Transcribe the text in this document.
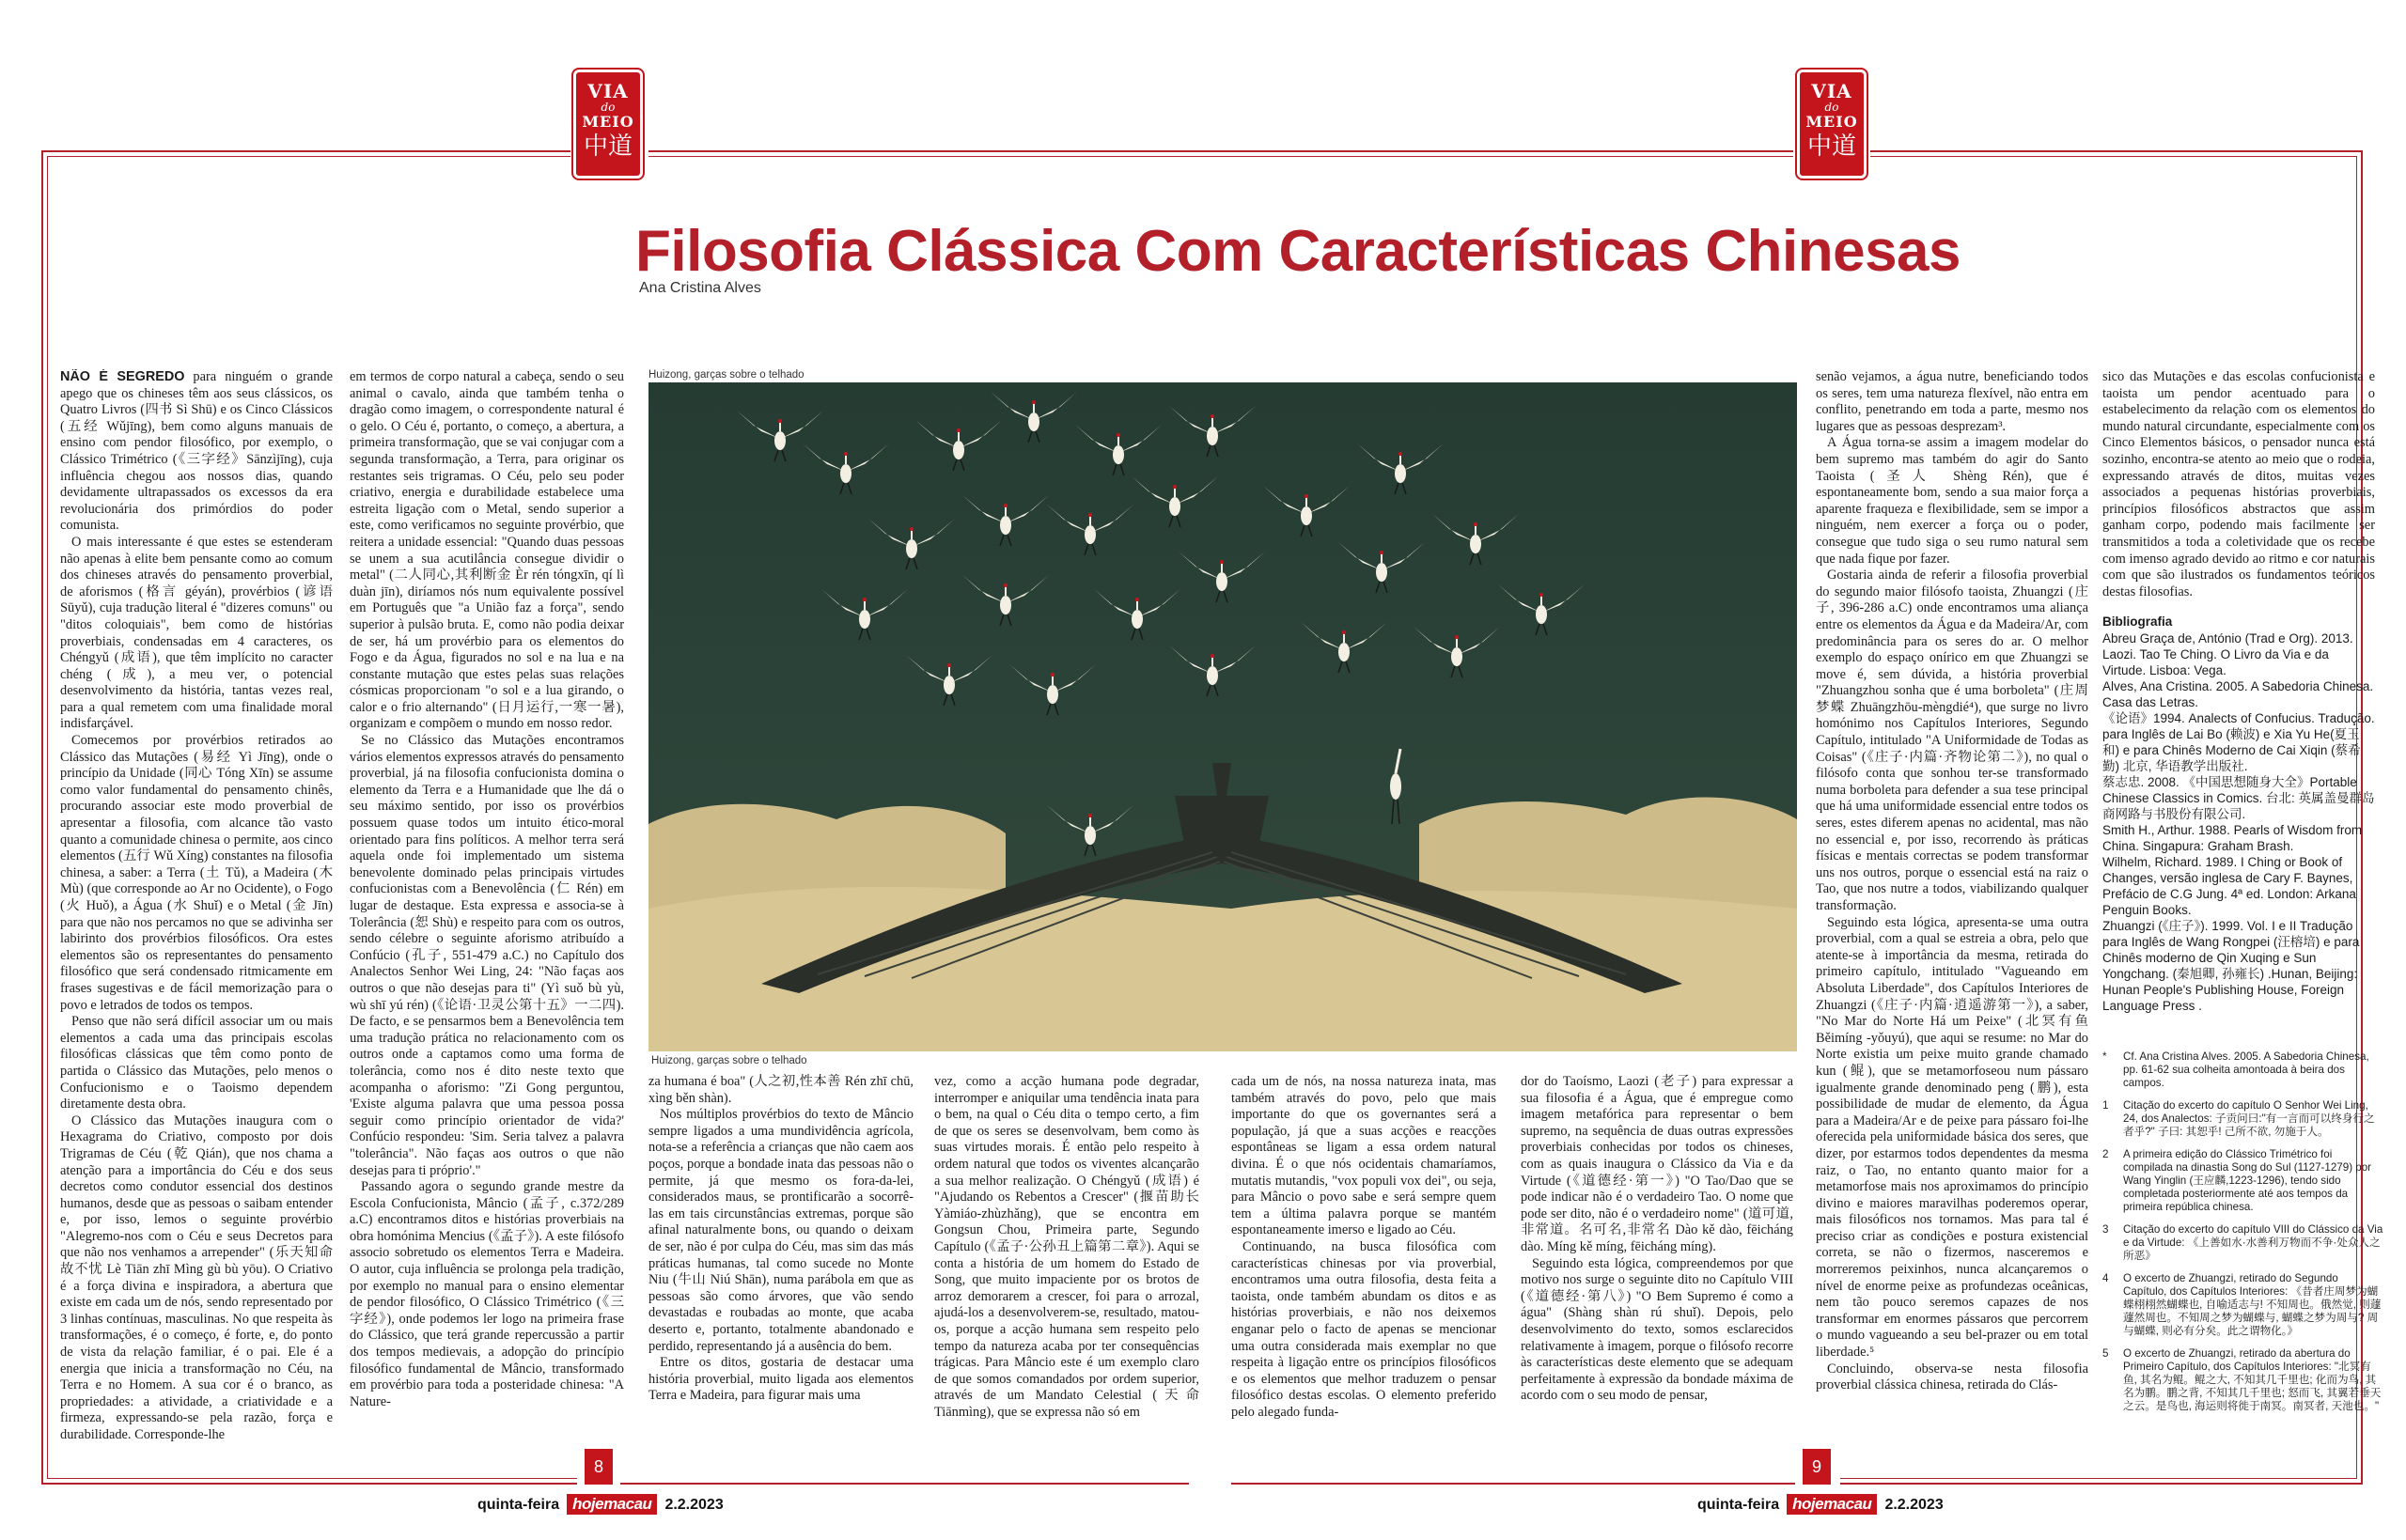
VIA
do
MEIO
中道
VIA
do
MEIO
中道
Filosofia Clássica Com Características Chinesas
Ana Cristina Alves
Huizong, garças sobre o telhado
Huizong, garças sobre o telhado

NÃO É SEGREDO para ninguém o grande apego que os chineses têm aos seus clássicos, os Quatro Livros (四书 Sì Shū) e os Cinco Clássicos (五经 Wǔjīng), bem como alguns manuais de ensino com pendor filosófico, por exemplo, o Clássico Trimétrico (《三字经》Sānzìjīng), cuja influência chegou aos nossos dias, quando devidamente ultrapassados os excessos da era revolucionária dos primórdios do poder comunista.

O mais interessante é que estes se estenderam não apenas à elite bem pensante como ao comum dos chineses através do pensamento proverbial, de aforismos (格言 géyán), provérbios (谚语 Sūyǔ), cuja tradução literal é "dizeres comuns" ou "ditos coloquiais", bem como de histórias proverbiais, condensadas em 4 caracteres, os Chéngyǔ (成语), que têm implícito no caracter chéng (成), a meu ver, o potencial desenvolvimento da história, tantas vezes real, para a qual remetem com uma finalidade moral indisfarçável.

Comecemos por provérbios retirados ao Clássico das Mutações (易经 Yì Jīng), onde o princípio da Unidade (同心 Tóng Xīn) se assume como valor fundamental do pensamento chinês, procurando associar este modo proverbial de apresentar a filosofia, com alcance tão vasto quanto a comunidade chinesa o permite, aos cinco elementos (五行 Wǔ Xíng) constantes na filosofia chinesa, a saber: a Terra (土 Tǔ), a Madeira (木 Mù) (que corresponde ao Ar no Ocidente), o Fogo (火 Huǒ), a Água (水 Shuǐ) e o Metal (金 Jīn) para que não nos percamos no que se adivinha ser labirinto dos provérbios filosóficos. Ora estes elementos são os representantes do pensamento filosófico que será condensado ritmicamente em frases sugestivas e de fácil memorização para o povo e letrados de todos os tempos.

Penso que não será difícil associar um ou mais elementos a cada uma das principais escolas filosóficas clássicas que têm como ponto de partida o Clássico das Mutações, pelo menos o Confucionismo e o Taoismo dependem diretamente desta obra.

O Clássico das Mutações inaugura com o Hexagrama do Criativo, composto por dois Trigramas de Céu (乾 Qián), que nos chama a atenção para a importância do Céu e dos seus decretos como condutor essencial dos destinos humanos, desde que as pessoas o saibam entender e, por isso, lemos o seguinte provérbio "Alegremo-nos com o Céu e seus Decretos para que não nos venhamos a arrepender" (乐天知命故不忧 Lè Tiān zhī Mìng gù bù yōu). O Criativo é a força divina e inspiradora, a abertura que existe em cada um de nós, sendo representado por 3 linhas contínuas, masculinas. No que respeita às transformações, é o começo, é forte, e, do ponto de vista da relação familiar, é o pai. Ele é a energia que inicia a transformação no Céu, na Terra e no Homem. A sua cor é o branco, as propriedades: a atividade, a criatividade e a firmeza, expressando-se pela razão, força e durabilidade. Corresponde-lhe

em termos de corpo natural a cabeça, sendo o seu animal o cavalo, ainda que também tenha o dragão como imagem, o correspondente natural é o gelo. O Céu é, portanto, o começo, a abertura, a primeira transformação, que se vai conjugar com a segunda transformação, a Terra, para originar os restantes seis trigramas. O Céu, pelo seu poder criativo, energia e durabilidade estabelece uma estreita ligação com o Metal, sendo superior a este, como verificamos no seguinte provérbio, que reitera a unidade essencial: "Quando duas pessoas se unem a sua acutilância consegue dividir o metal" (二人同心,其利断金 Èr rén tóngxīn, qí lì duàn jīn), diríamos nós num equivalente possível em Português que "a União faz a força", sendo superior à pulsão bruta. E, como não podia deixar de ser, há um provérbio para os elementos do Fogo e da Água, figurados no sol e na lua e na constante mutação que estes pelas suas relações cósmicas proporcionam "o sol e a lua girando, o calor e o frio alternando" (日月运行,一寒一暑), organizam e compõem o mundo em nosso redor.

Se no Clássico das Mutações encontramos vários elementos expressos através do pensamento proverbial, já na filosofia confucionista domina o elemento da Terra e a Humanidade que lhe dá o seu máximo sentido, por isso os provérbios possuem quase todos um intuito ético-moral orientado para fins políticos. A melhor terra será aquela onde foi implementado um sistema benevolente dominado pelas principais virtudes confucionistas com a Benevolência (仁 Rén) em lugar de destaque. Esta expressa e associa-se à Tolerância (恕 Shù) e respeito para com os outros, sendo célebre o seguinte aforismo atribuído a Confúcio (孔子, 551-479 a.C.) no Capítulo dos Analectos Senhor Wei Ling, 24: "Não faças aos outros o que não desejas para ti" (Yì suǒ bù yù, wù shī yú rén) (《论语·卫灵公第十五》一二四). De facto, e se pensarmos bem a Benevolência tem uma tradução prática no relacionamento com os outros onde a captamos como uma forma de tolerância, como nos é dito neste texto que acompanha o aforismo: "Zi Gong perguntou, 'Existe alguma palavra que uma pessoa possa seguir como princípio orientador de vida?' Confúcio respondeu: 'Sim. Seria talvez a palavra "tolerância". Não faças aos outros o que não desejas para ti próprio'."

Passando agora o segundo grande mestre da Escola Confucionista, Mâncio (孟子, c.372/289 a.C) encontramos ditos e histórias proverbiais na obra homónima Mencius (《孟子》). A este filósofo associo sobretudo os elementos Terra e Madeira. O autor, cuja influência se prolonga pela tradição, por exemplo no manual para o ensino elementar de pendor filosófico, O Clássico Trimétrico (《三字经》), onde podemos ler logo na primeira frase do Clássico, que terá grande repercussão a partir dos tempos medievais, a adopção do princípio filosófico fundamental de Mâncio, transformado em provérbio para toda a posteridade chinesa: "A Nature-

za humana é boa" (人之初,性本善 Rén zhī chū, xìng běn shàn).

Nos múltiplos provérbios do texto de Mâncio sempre ligados a uma mundividência agrícola, nota-se a referência a crianças que não caem aos poços, porque a bondade inata das pessoas não o permite, já que mesmo os fora-da-lei, considerados maus, se prontificarão a socorrê-las em tais circunstâncias extremas, porque são afinal naturalmente bons, ou quando o deixam de ser, não é por culpa do Céu, mas sim das más práticas humanas, tal como sucede no Monte Niu (牛山 Niú Shān), numa parábola em que as pessoas são como árvores, que vão sendo devastadas e roubadas ao monte, que acaba deserto e, portanto, totalmente abandonado e perdido, representando já a ausência do bem.

Entre os ditos, gostaria de destacar uma história proverbial, muito ligada aos elementos Terra e Madeira, para figurar mais uma

vez, como a acção humana pode degradar, interromper e aniquilar uma tendência inata para o bem, na qual o Céu dita o tempo certo, a fim de que os seres se desenvolvam, bem como às suas virtudes morais. É então pelo respeito à ordem natural que todos os viventes alcançarão a sua melhor realização. O Chéngyǔ (成语) é "Ajudando os Rebentos a Crescer" (揠苗助长 Yàmiáo-zhùzhǎng), que se encontra em Gongsun Chou, Primeira parte, Segundo Capítulo (《孟子·公孙丑上篇第二章》). Aqui se conta a história de um homem do Estado de Song, que muito impaciente por os brotos de arroz demorarem a crescer, foi para o arrozal, ajudá-los a desenvolverem-se, resultado, matou-os, porque a acção humana sem respeito pelo tempo da natureza acaba por ter consequências trágicas. Para Mâncio este é um exemplo claro de que somos comandados por ordem superior, através de um Mandato Celestial (天命 Tiānmìng), que se expressa não só em

cada um de nós, na nossa natureza inata, mas também através do povo, pelo que mais importante do que os governantes será a população, já que a suas acções e reacções espontâneas se ligam a essa ordem natural divina. É o que nós ocidentais chamaríamos, mutatis mutandis, "vox populi vox dei", ou seja, para Mâncio o povo sabe e será sempre quem tem a última palavra porque se mantém espontaneamente imerso e ligado ao Céu.

Continuando, na busca filosófica com características chinesas por via proverbial, encontramos uma outra filosofia, desta feita a taoista, onde também abundam os ditos e as histórias proverbiais, e não nos deixemos enganar pelo o facto de apenas se mencionar uma outra considerada mais exemplar no que respeita à ligação entre os princípios filosóficos e os elementos que melhor traduzem o pensar filosófico destas escolas. O elemento preferido pelo alegado funda-

dor do Taoísmo, Laozi (老子) para expressar a sua filosofia é a Água, que é empregue como imagem metafórica para representar o bem supremo, na sequência de duas outras expressões proverbiais conhecidas por todos os chineses, com as quais inaugura o Clássico da Via e da Virtude (《道德经·第一》) "O Tao/Dao que se pode indicar não é o verdadeiro Tao. O nome que pode ser dito, não é o verdadeiro nome" (道可道,非常道。名可名,非常名 Dào kě dào, fēicháng dào. Míng kě míng, fēicháng míng).

Seguindo esta lógica, compreendemos por que motivo nos surge o seguinte dito no Capítulo VIII (《道德经·第八》) "O Bem Supremo é como a água" (Shàng shàn rú shuǐ). Depois, pelo desenvolvimento do texto, somos esclarecidos relativamente à imagem, porque o filósofo recorre às características deste elemento que se adequam perfeitamente à expressão da bondade máxima de acordo com o seu modo de pensar,

senão vejamos, a água nutre, beneficiando todos os seres, tem uma natureza flexível, não entra em conflito, penetrando em toda a parte, mesmo nos lugares que as pessoas desprezam³.

A Água torna-se assim a imagem modelar do bem supremo mas também do agir do Santo Taoista (圣人 Shèng Rén), que é espontaneamente bom, sendo a sua maior força a aparente fraqueza e flexibilidade, sem se impor a ninguém, nem exercer a força ou o poder, consegue que tudo siga o seu rumo natural sem que nada fique por fazer.

Gostaria ainda de referir a filosofia proverbial do segundo maior filósofo taoista, Zhuangzi (庄子, 396-286 a.C) onde encontramos uma aliança entre os elementos da Água e da Madeira/Ar, com predominância para os seres do ar. O melhor exemplo do espaço onírico em que Zhuangzi se move é, sem dúvida, a história proverbial "Zhuangzhou sonha que é uma borboleta" (庄周梦蝶 Zhuāngzhōu-mèngdié⁴), que surge no livro homónimo nos Capítulos Interiores, Segundo Capítulo, intitulado "A Uniformidade de Todas as Coisas" (《庄子·内篇·齐物论第二》), no qual o filósofo conta que sonhou ter-se transformado numa borboleta para defender a sua tese principal que há uma uniformidade essencial entre todos os seres, estes diferem apenas no acidental, mas não no essencial e, por isso, recorrendo às práticas físicas e mentais correctas se podem transformar uns nos outros, porque o essencial está na raiz o Tao, que nos nutre a todos, viabilizando qualquer transformação.

Seguindo esta lógica, apresenta-se uma outra proverbial, com a qual se estreia a obra, pelo que atente-se à importância da mesma, retirada do primeiro capítulo, intitulado "Vagueando em Absoluta Liberdade", dos Capítulos Interiores de Zhuangzi (《庄子·内篇·逍遥游第一》), a saber, "No Mar do Norte Há um Peixe" (北冥有鱼 Běimíng -yǒuyú), que aqui se resume: no Mar do Norte existia um peixe muito grande chamado kun (鲲), que se metamorfoseou num pássaro igualmente grande denominado peng (鹏), esta possibilidade de mudar de elemento, da Água para a Madeira/Ar e de peixe para pássaro foi-lhe oferecida pela uniformidade básica dos seres, que dizer, por estarmos todos dependentes da mesma raiz, o Tao, no entanto quanto maior for a metamorfose mais nos aproximamos do princípio divino e maiores maravilhas poderemos operar, mais filosóficos nos tornamos. Mas para tal é preciso criar as condições e postura existencial correta, se não o fizermos, nasceremos e morreremos peixinhos, nunca alcançaremos o nível de enorme peixe as profundezas oceânicas, nem tão pouco seremos capazes de nos transformar em enormes pássaros que percorrem o mundo vagueando a seu bel-prazer ou em total liberdade.⁵

Concluindo, observa-se nesta filosofia proverbial clássica chinesa, retirada do Clás-

sico das Mutações e das escolas confucionista e taoista um pendor acentuado para o estabelecimento da relação com os elementos do mundo natural circundante, especialmente com os Cinco Elementos básicos, o pensador nunca está sozinho, encontra-se atento ao meio que o rodeia, expressando através de ditos, muitas vezes associados a pequenas histórias proverbiais, princípios filosóficos abstractos que assim ganham corpo, podendo mais facilmente ser transmitidos a toda a coletividade que os recebe com imenso agrado devido ao ritmo e cor naturais com que são ilustrados os fundamentos teóricos destas filosofias.

Bibliografia

Abreu Graça de, António (Trad e Org). 2013. Laozi. Tao Te Ching. O Livro da Via e da Virtude. Lisboa: Vega.

Alves, Ana Cristina. 2005. A Sabedoria Chinesa. Casa das Letras.

《论语》1994. Analects of Confucius. Tradução. para Inglês de Lai Bo (赖波) e Xia Yu He(夏玉和) e para Chinês Moderno de Cai Xiqin (蔡希勤) 北京, 华语教学出版社.

蔡志忠. 2008. 《中国思想随身大全》Portable Chinese Classics in Comics. 台北: 英属盖曼群岛商网路与书股份有限公司.

Smith H., Arthur. 1988. Pearls of Wisdom from China. Singapura: Graham Brash.

Wilhelm, Richard. 1989. I Ching or Book of Changes, versão inglesa de Cary F. Baynes, Prefácio de C.G Jung. 4ª ed. London: Arkana Penguin Books.

Zhuangzi (《庄子》). 1999. Vol. I e II Tradução para Inglês de Wang Rongpei (汪榕培) e para Chinês moderno de Qin Xuqing e Sun Yongchang. (秦旭卿, 孙雍长) .Hunan, Beijing: Hunan People's Publishing House, Foreign Language Press .

*	Cf. Ana Cristina Alves. 2005. A Sabedoria Chinesa, pp. 61-62 sua colheita amontoada à beira dos campos.
1	Citação do excerto do capítulo O Senhor Wei Ling, 24, dos Analectos: 子贡问曰:"有一言而可以终身行之者乎?" 子曰: 其恕乎! 己所不欲, 勿施于人。
2	A primeira edição do Clássico Trimétrico foi compilada na dinastia Song do Sul (1127-1279) por Wang Yinglin (王应麟,1223-1296), tendo sido completada posteriormente até aos tempos da primeira república chinesa.
3	Citação do excerto do capítulo VIII do Clássico da Via e da Virtude: 《上善如水·水善利万物而不争·处众人之所恶》
4	O excerto de Zhuangzi, retirado do Segundo Capítulo, dos Capítulos Interiores: 《昔者庄周梦为蝴蝶栩栩然蝴蝶也, 自喻适志与! 不知周也。俄然觉, 则蘧蘧然周也。不知周之梦为蝴蝶与, 蝴蝶之梦为周与? 周与蝴蝶, 则必有分矣。此之谓物化。》
5	O excerto de Zhuangzi, retirado da abertura do Primeiro Capítulo, dos Capítulos Interiores: "北冥有鱼, 其名为鲲。鲲之大, 不知其几千里也; 化而为鸟, 其名为鹏。鹏之背, 不知其几千里也; 怒而飞, 其翼若垂天之云。是鸟也, 海运则将徙于南冥。南冥者, 天池也。"
8	9
quinta-feira hojemacau 2.2.2023	quinta-feira hojemacau 2.2.2023
